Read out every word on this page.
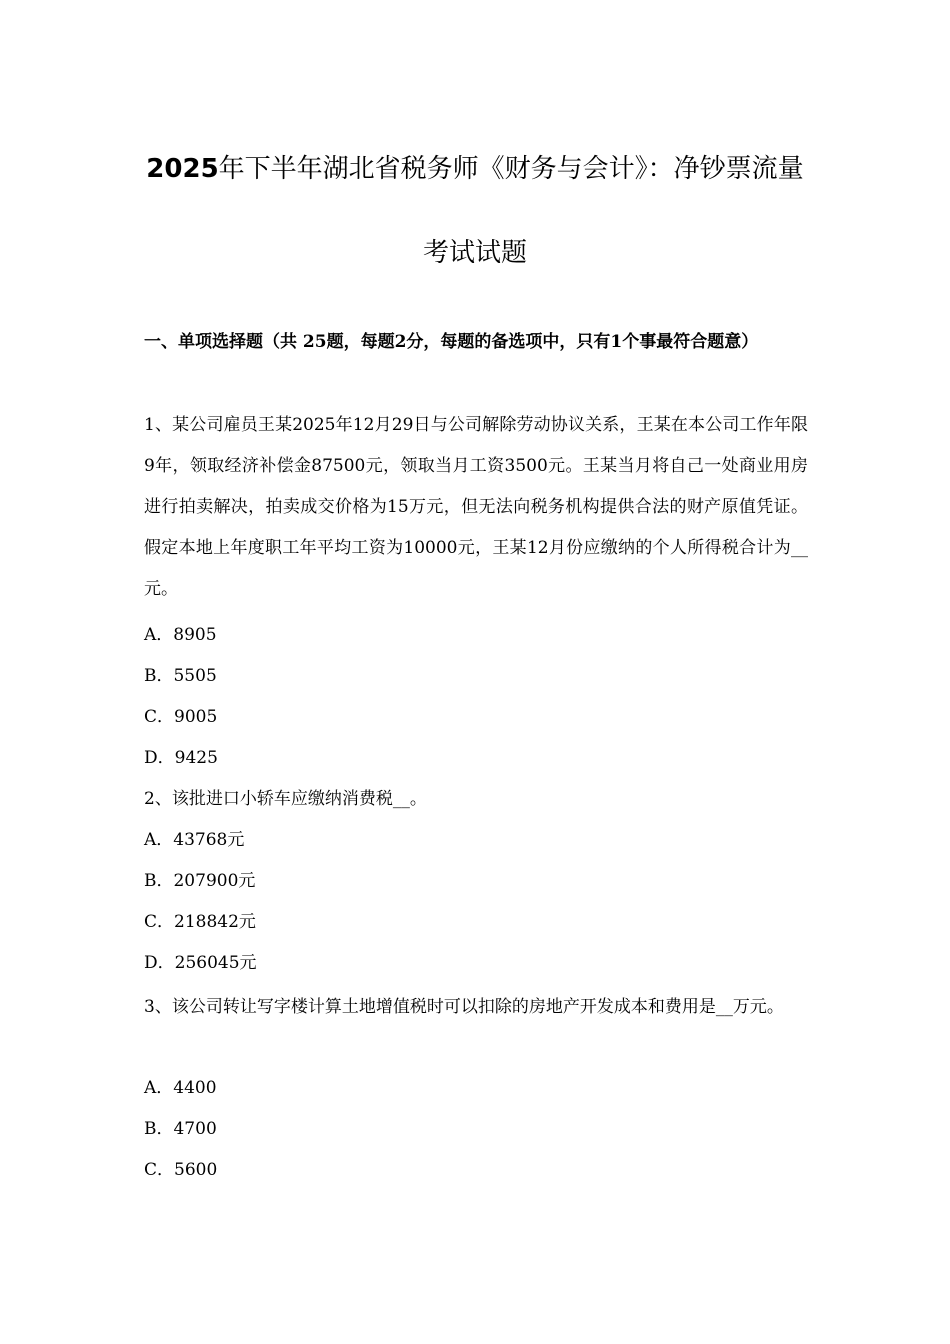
2025年下半年湖北省税务师《财务与会计》：净钞票流量
考试试题
一、单项选择题（共 25题，每题2分，每题的备选项中，只有1个事最符合题意）
1、某公司雇员王某2025年12月29日与公司解除劳动协议关系，王某在本公司工作年限9年，领取经济补偿金87500元，领取当月工资3500元。王某当月将自己一处商业用房进行拍卖解决，拍卖成交价格为15万元，但无法向税务机构提供合法的财产原值凭证。假定本地上年度职工年平均工资为10000元，王某12月份应缴纳的个人所得税合计为__元。
A．8905
B．5505
C．9005
D．9425
2、该批进口小轿车应缴纳消费税__。
A．43768元
B．207900元
C．218842元
D．256045元
3、该公司转让写字楼计算土地增值税时可以扣除的房地产开发成本和费用是__万元。
A．4400
B．4700
C．5600
